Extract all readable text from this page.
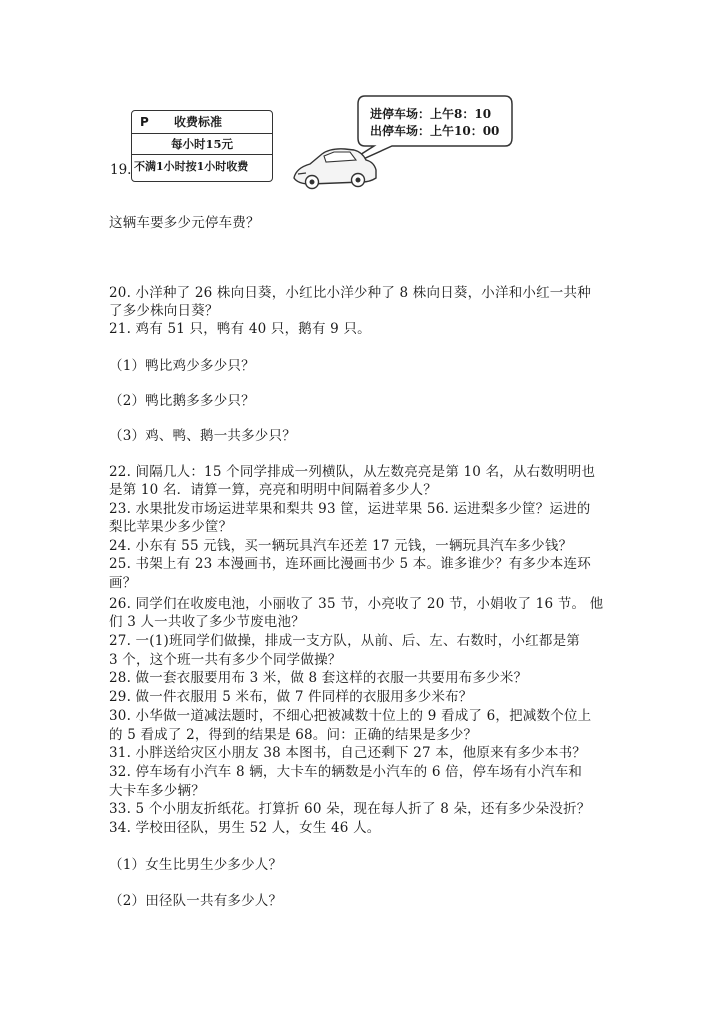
P 收费标准
每小时15元
不满1小时按1小时收费
19.
进停车场：上午8：10
出停车场：上午10：00
这辆车要多少元停车费？
20. 小洋种了 26 株向日葵，小红比小洋少种了 8 株向日葵，小洋和小红一共种
了多少株向日葵？
21. 鸡有 51 只，鸭有 40 只，鹅有 9 只。
（1）鸭比鸡少多少只？
（2）鸭比鹅多多少只？
（3）鸡、鸭、鹅一共多少只？
22. 间隔几人：15 个同学排成一列横队，从左数亮亮是第 10 名，从右数明明也
是第 10 名．请算一算，亮亮和明明中间隔着多少人？
23. 水果批发市场运进苹果和梨共 93 筐，运进苹果 56. 运进梨多少筐？运进的
梨比苹果少多少筐？
24. 小东有 55 元钱，买一辆玩具汽车还差 17 元钱，一辆玩具汽车多少钱？
25. 书架上有 23 本漫画书，连环画比漫画书少 5 本。谁多谁少？有多少本连环
画？
26. 同学们在收废电池，小丽收了 35 节，小亮收了 20 节，小娟收了 16 节。 他
们 3 人一共收了多少节废电池？
27. 一(1)班同学们做操，排成一支方队，从前、后、左、右数时，小红都是第
3 个，这个班一共有多少个同学做操？
28. 做一套衣服要用布 3 米，做 8 套这样的衣服一共要用布多少米？
29. 做一件衣服用 5 米布，做 7 件同样的衣服用多少米布？
30. 小华做一道减法题时，不细心把被减数十位上的 9 看成了 6，把减数个位上
的 5 看成了 2，得到的结果是 68。问：正确的结果是多少？
31. 小胖送给灾区小朋友 38 本图书，自己还剩下 27 本，他原来有多少本书？
32. 停车场有小汽车 8 辆，大卡车的辆数是小汽车的 6 倍，停车场有小汽车和
大卡车多少辆？
33. 5 个小朋友折纸花。打算折 60 朵，现在每人折了 8 朵，还有多少朵没折？
34. 学校田径队，男生 52 人，女生 46 人。
（1）女生比男生少多少人？
（2）田径队一共有多少人？
